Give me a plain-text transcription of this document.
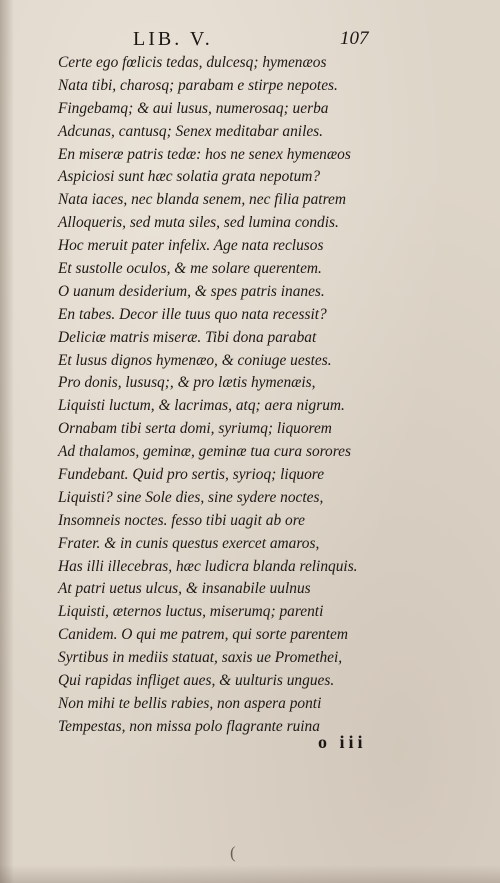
LIB. V.	107
Certe ego fœlicis tedas, dulcesq; hymenæos
Nata tibi, charosq; parabam e stirpe nepotes.
Fingebamq; & aui lusus, numerosaq; uerba
Adcunas, cantusq; Senex meditabar aniles.
En miseræ patris tedæ: hos ne senex hymenæos
Aspiciosi sunt hæc solatia grata nepotum?
Nata iaces, nec blanda senem, nec filia patrem
Alloqueris, sed muta siles, sed lumina condis.
Hoc meruit pater infelix. Age nata reclusos
Et sustolle oculos, & me solare querentem.
O uanum desiderium, & spes patris inanes.
En tabes. Decor ille tuus quo nata recessit?
Deliciæ matris miseræ. Tibi dona parabat
Et lusus dignos hymenæo, & coniuge uestes.
Pro donis, lususq;, & pro lætis hymenæis,
Liquisti luctum, & lacrimas, atq; aera nigrum.
Ornabam tibi serta domi, syriumq; liquorem
Ad thalamos, geminæ, geminæ tua cura sorores
Fundebant. Quid pro sertis, syrioq; liquore
Liquisti? sine Sole dies, sine sydere noctes,
Insomneis noctes. fesso tibi uagit ab ore
Frater. & in cunis questus exercet amaros,
Has illi illecebras, hæc ludicra blanda relinquis.
At patri uetus ulcus, & insanabile uulnus
Liquisti, æternos luctus, miserumq; parenti
Canidem. O qui me patrem, qui sorte parentem
Syrtibus in mediis statuat, saxis ue Promethei,
Qui rapidas infliget aues, & uulturis ungues.
Non mihi te bellis rabies, non aspera ponti
Tempestas, non missa polo flagrante ruina
o iii
(
